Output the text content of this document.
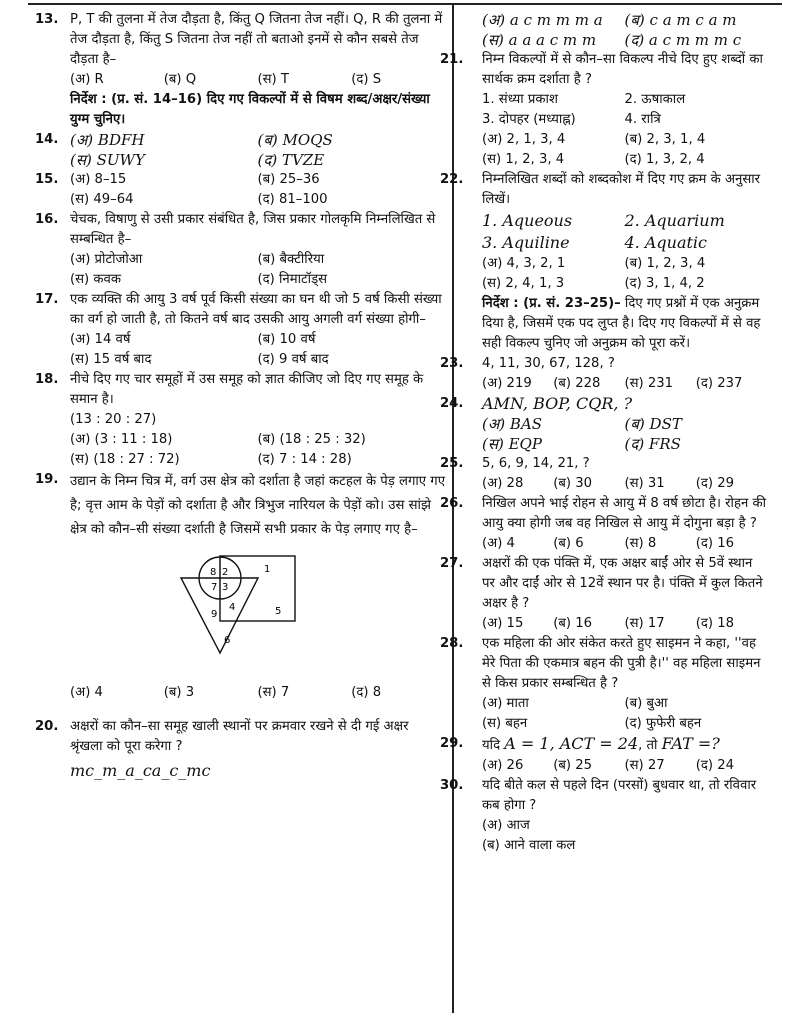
13. P, T की तुलना में तेज दौड़ता है, किंतु Q जितना तेज नहीं। Q, R की तुलना में तेज दौड़ता है, किंतु S जितना तेज नहीं तो बताओ इनमें से कौन सबसे तेज दौड़ता है–

(अ) R	(ब) Q	(स) T	(द) S

निर्देश : (प्र. सं. 14–16) दिए गए विकल्पों में से विषम शब्द/अक्षर/संख्या युग्म चुनिए।

14. (अ) BDFH	(ब) MOQS
(स) SUWY	(द) TVZE
15. (अ) 8–15	(ब) 25–36
(स) 49–64	(द) 81–100
16. चेचक, विषाणु से उसी प्रकार संबंधित है, जिस प्रकार गोलकृमि निम्नलिखित से सम्बन्धित है–

(अ) प्रोटोजोआ	(ब) बैक्टीरिया
(स) कवक	(द) निमाटॉड्स
17. एक व्यक्ति की आयु 3 वर्ष पूर्व किसी संख्या का घन थी जो 5 वर्ष किसी संख्या का वर्ग हो जाती है, तो कितने वर्ष बाद उसकी आयु अगली वर्ग संख्या होगी–

(अ) 14 वर्ष	(ब) 10 वर्ष
(स) 15 वर्ष बाद	(द) 9 वर्ष बाद
18. नीचे दिए गए चार समूहों में उस समूह को ज्ञात कीजिए जो दिए गए समूह के समान है।

(13 : 20 : 27)

(अ) (3 : 11 : 18)	(ब) (18 : 25 : 32)
(स) (18 : 27 : 72)	(द) 7 : 14 : 28)
19. उद्यान के निम्न चित्र में, वर्ग उस क्षेत्र को दर्शाता है जहां कटहल के पेड़ लगाए गए है; वृत्त आम के पेड़ों को दर्शाता है और त्रिभुज नारियल के पेड़ों को। उस सांझे क्षेत्र को कौन–सी संख्या दर्शाती है जिसमें सभी प्रकार के पेड़ लगाए गए है–

1
2
3
4	5
6
7
8
9
(अ) 4	(ब) 3	(स) 7	(द) 8
20. अक्षरों का कौन–सा समूह खाली स्थानों पर क्रमवार रखने से दी गई अक्षर श्रृंखला को पूरा करेगा ?

mc_m_a_ca_c_mc

(अ) a c m m m a	(ब) c a m c a m
(स) a a a c m m	(द) a c m m m c
21. निम्न विकल्पों में से कौन–सा विकल्प नीचे दिए हुए शब्दों का सार्थक क्रम दर्शाता है ?

1. संध्या प्रकाश	2. ऊषाकाल
3. दोपहर (मध्याह्न)	4. रात्रि
(अ) 2, 1, 3, 4	(ब) 2, 3, 1, 4
(स) 1, 2, 3, 4	(द) 1, 3, 2, 4
22. निम्नलिखित शब्दों को शब्दकोश में दिए गए क्रम के अनुसार लिखें।

1. Aqueous	2. Aquarium
3. Aquiline	4. Aquatic
(अ) 4, 3, 2, 1	(ब) 1, 2, 3, 4
(स) 2, 4, 1, 3	(द) 3, 1, 4, 2

निर्देश : (प्र. सं. 23–25)– दिए गए प्रश्नों में एक अनुक्रम दिया है, जिसमें एक पद लुप्त है। दिए गए विकल्पों में से वह सही विकल्प चुनिए जो अनुक्रम को पूरा करें।

23. 4, 11, 30, 67, 128, ?

(अ) 219	(ब) 228	(स) 231	(द) 237
24. AMN, BOP, CQR, ?

(अ) BAS	(ब) DST
(स) EQP	(द) FRS
25. 5, 6, 9, 14, 21, ?

(अ) 28	(ब) 30	(स) 31	(द) 29
26. निखिल अपने भाई रोहन से आयु में 8 वर्ष छोटा है। रोहन की आयु क्या होगी जब वह निखिल से आयु में दोगुना बड़ा है ?

(अ) 4	(ब) 6	(स) 8	(द) 16
27. अक्षरों की एक पंक्ति में, एक अक्षर बाईं ओर से 5वें स्थान पर और दाईं ओर से 12वें स्थान पर है। पंक्ति में कुल कितने अक्षर है ?

(अ) 15	(ब) 16	(स) 17	(द) 18
28. एक महिला की ओर संकेत करते हुए साइमन ने कहा, ''वह मेरे पिता की एकमात्र बहन की पुत्री है।'' वह महिला साइमन से किस प्रकार सम्बन्धित है ?

(अ) माता	(ब) बुआ
(स) बहन	(द) फुफेरी बहन
29. यदि A = 1, ACT = 24, तो FAT =?

(अ) 26	(ब) 25	(स) 27	(द) 24
30. यदि बीते कल से पहले दिन (परसों) बुधवार था, तो रविवार कब होगा ?

(अ) आज

(ब) आने वाला कल
